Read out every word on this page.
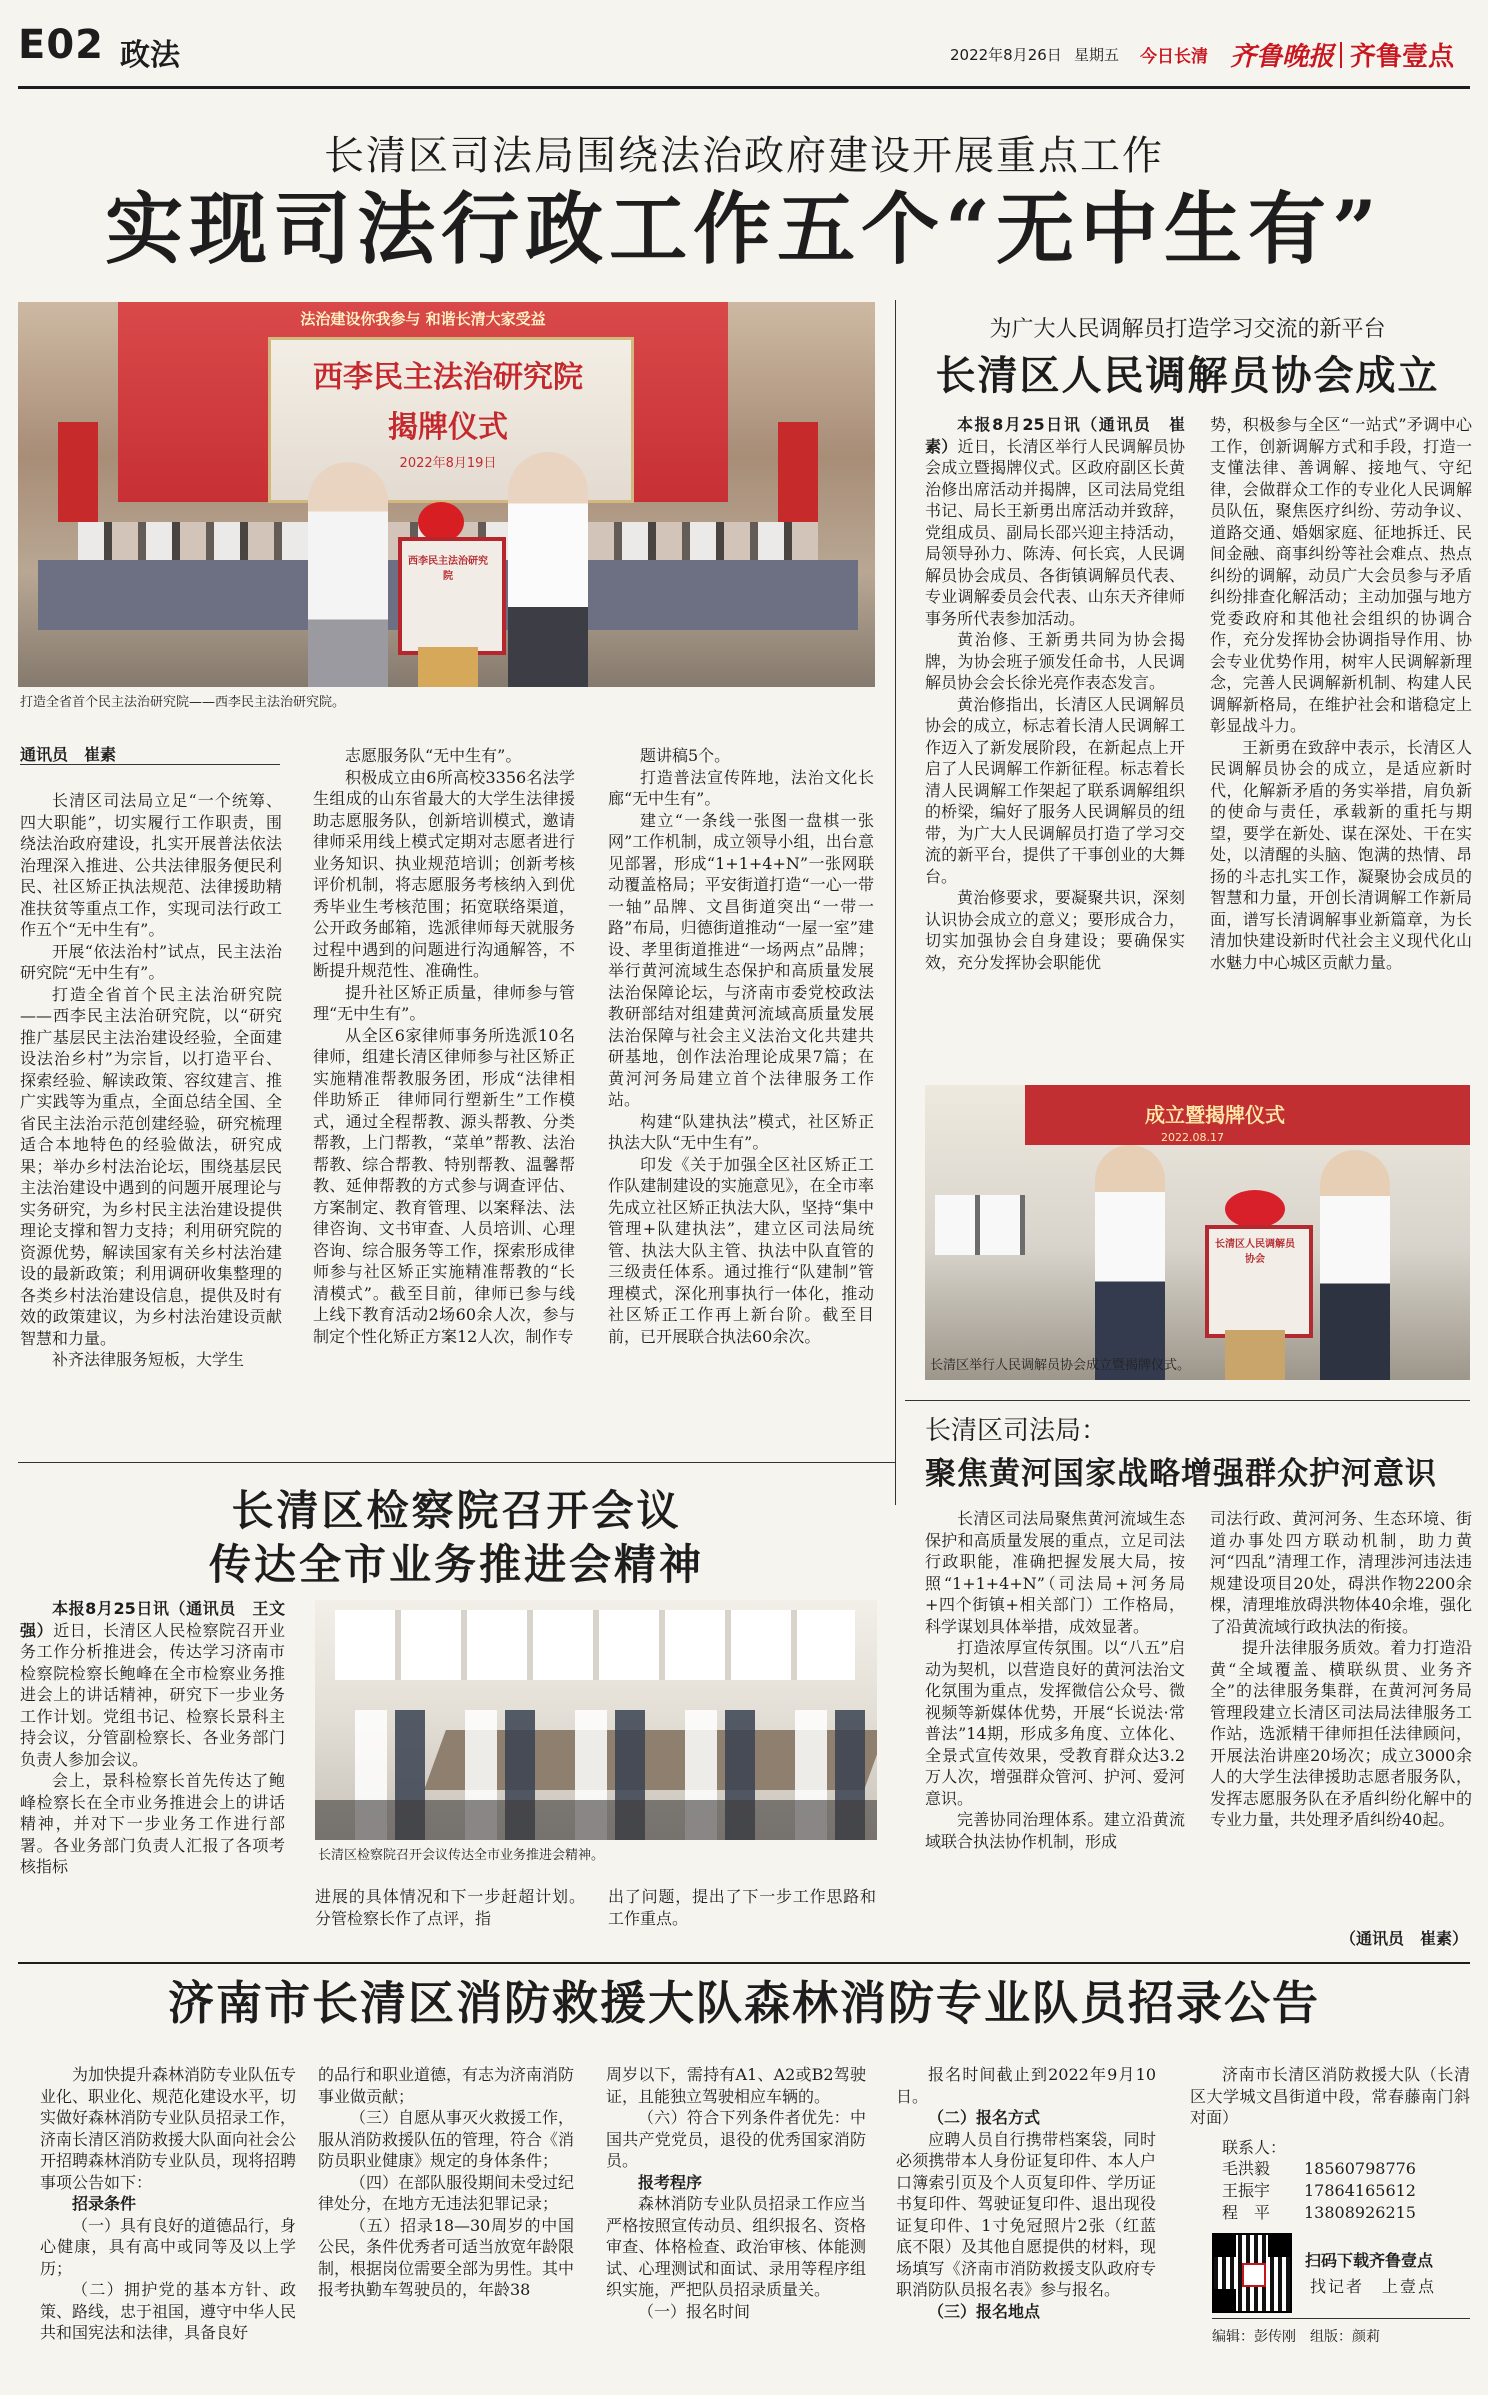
E02 政法	2022年8月26日 星期五 今日长清 齐鲁晚报 齐鲁壹点
长清区司法局围绕法治政府建设开展重点工作
实现司法行政工作五个“无中生有”
法治建设你我参与 和谐长清大家受益
西李民主法治研究院
揭牌仪式
2022年8月19日
西李民主法治研究院
打造全省首个民主法治研究院——西李民主法治研究院。
通讯员　崔素

长清区司法局立足“一个统筹、四大职能”，切实履行工作职责，围绕法治政府建设，扎实开展普法依法治理深入推进、公共法律服务便民利民、社区矫正执法规范、法律援助精准扶贫等重点工作，实现司法行政工作五个“无中生有”。

开展“依法治村”试点，民主法治研究院“无中生有”。

打造全省首个民主法治研究院——西李民主法治研究院，以“研究推广基层民主法治建设经验，全面建设法治乡村”为宗旨，以打造平台、探索经验、解读政策、容纹建言、推广实践等为重点，全面总结全国、全省民主法治示范创建经验，研究梳理适合本地特色的经验做法，研究成果；举办乡村法治论坛，围绕基层民主法治建设中遇到的问题开展理论与实务研究，为乡村民主法治建设提供理论支撑和智力支持；利用研究院的资源优势，解读国家有关乡村法治建设的最新政策；利用调研收集整理的各类乡村法治建设信息，提供及时有效的政策建议，为乡村法治建设贡献智慧和力量。

补齐法律服务短板，大学生

志愿服务队“无中生有”。

积极成立由6所高校3356名法学生组成的山东省最大的大学生法律援助志愿服务队，创新培训模式，邀请律师采用线上模式定期对志愿者进行业务知识、执业规范培训；创新考核评价机制，将志愿服务考核纳入到优秀毕业生考核范围；拓宽联络渠道，公开政务邮箱，选派律师每天就服务过程中遇到的问题进行沟通解答，不断提升规范性、准确性。

提升社区矫正质量，律师参与管理“无中生有”。

从全区6家律师事务所选派10名律师，组建长清区律师参与社区矫正实施精准帮教服务团，形成“法律相伴助矫正　律师同行塑新生”工作模式，通过全程帮教、源头帮教、分类帮教，上门帮教，“菜单”帮教、法治帮教、综合帮教、特别帮教、温馨帮教、延伸帮教的方式参与调查评估、方案制定、教育管理、以案释法、法律咨询、文书审查、人员培训、心理咨询、综合服务等工作，探索形成律师参与社区矫正实施精准帮教的“长清模式”。截至目前，律师已参与线上线下教育活动2场60余人次，参与制定个性化矫正方案12人次，制作专

题讲稿5个。

打造普法宣传阵地，法治文化长廊“无中生有”。

建立“一条线一张图一盘棋一张网”工作机制，成立领导小组，出台意见部署，形成“1+1+4+N”一张网联动覆盖格局；平安街道打造“一心一带一轴”品牌、文昌街道突出“一带一路”布局，归德街道推动“一屋一室”建设、孝里街道推进“一场两点”品牌；举行黄河流域生态保护和高质量发展法治保障论坛，与济南市委党校政法教研部结对组建黄河流域高质量发展法治保障与社会主义法治文化共建共研基地，创作法治理论成果7篇；在黄河河务局建立首个法律服务工作站。

构建“队建执法”模式，社区矫正执法大队“无中生有”。

印发《关于加强全区社区矫正工作队建制建设的实施意见》，在全市率先成立社区矫正执法大队，坚持“集中管理+队建执法”，建立区司法局统管、执法大队主管、执法中队直管的三级责任体系。通过推行“队建制”管理模式，深化刑事执行一体化，推动社区矫正工作再上新台阶。截至目前，已开展联合执法60余次。

为广大人民调解员打造学习交流的新平台
长清区人民调解员协会成立

本报8月25日讯（通讯员　崔素）近日，长清区举行人民调解员协会成立暨揭牌仪式。区政府副区长黄治修出席活动并揭牌，区司法局党组书记、局长王新勇出席活动并致辞，党组成员、副局长邵兴迎主持活动，局领导孙力、陈涛、何长宾，人民调解员协会成员、各街镇调解员代表、专业调解委员会代表、山东天齐律师事务所代表参加活动。

黄治修、王新勇共同为协会揭牌，为协会班子颁发任命书，人民调解员协会会长徐光亮作表态发言。

黄治修指出，长清区人民调解员协会的成立，标志着长清人民调解工作迈入了新发展阶段，在新起点上开启了人民调解工作新征程。标志着长清人民调解工作架起了联系调解组织的桥梁，编好了服务人民调解员的纽带，为广大人民调解员打造了学习交流的新平台，提供了干事创业的大舞台。

黄治修要求，要凝聚共识，深刻认识协会成立的意义；要形成合力，切实加强协会自身建设；要确保实效，充分发挥协会职能优

势，积极参与全区“一站式”矛调中心工作，创新调解方式和手段，打造一支懂法律、善调解、接地气、守纪律，会做群众工作的专业化人民调解员队伍，聚焦医疗纠纷、劳动争议、道路交通、婚姻家庭、征地拆迁、民间金融、商事纠纷等社会难点、热点纠纷的调解，动员广大会员参与矛盾纠纷排查化解活动；主动加强与地方党委政府和其他社会组织的协调合作，充分发挥协会协调指导作用、协会专业优势作用，树牢人民调解新理念，完善人民调解新机制、构建人民调解新格局，在维护社会和谐稳定上彰显战斗力。

王新勇在致辞中表示，长清区人民调解员协会的成立，是适应新时代，化解新矛盾的务实举措，肩负新的使命与责任，承载新的重托与期望，要学在新处、谋在深处、干在实处，以清醒的头脑、饱满的热情、昂扬的斗志扎实工作，凝聚协会成员的智慧和力量，开创长清调解工作新局面，谱写长清调解事业新篇章，为长清加快建设新时代社会主义现代化山水魅力中心城区贡献力量。

成立暨揭牌仪式
2022.08.17
长清区人民调解员协会
长清区举行人民调解员协会成立暨揭牌仪式。
长清区司法局：
聚焦黄河国家战略增强群众护河意识

长清区司法局聚焦黄河流域生态保护和高质量发展的重点，立足司法行政职能，准确把握发展大局，按照“1+1+4+N”（司法局+河务局+四个街镇+相关部门）工作格局，科学谋划具体举措，成效显著。

打造浓厚宣传氛围。以“八五”启动为契机，以营造良好的黄河法治文化氛围为重点，发挥微信公众号、微视频等新媒体优势，开展“长说法·常普法”14期，形成多角度、立体化、全景式宣传效果，受教育群众达3.2万人次，增强群众管河、护河、爱河意识。

完善协同治理体系。建立沿黄流域联合执法协作机制，形成

司法行政、黄河河务、生态环境、街道办事处四方联动机制，助力黄河“四乱”清理工作，清理涉河违法违规建设项目20处，碍洪作物2200余棵，清理堆放碍洪物体40余堆，强化了沿黄流域行政执法的衔接。

提升法律服务质效。着力打造沿黄“全域覆盖、横联纵贯、业务齐全”的法律服务集群，在黄河河务局管理段建立长清区司法局法律服务工作站，选派精干律师担任法律顾问，开展法治讲座20场次；成立3000余人的大学生法律援助志愿者服务队，发挥志愿服务队在矛盾纠纷化解中的专业力量，共处理矛盾纠纷40起。

（通讯员　崔素）
长清区检察院召开会议
传达全市业务推进会精神

本报8月25日讯（通讯员　王文强）近日，长清区人民检察院召开业务工作分析推进会，传达学习济南市检察院检察长鲍峰在全市检察业务推进会上的讲话精神，研究下一步业务工作计划。党组书记、检察长景科主持会议，分管副检察长、各业务部门负责人参加会议。

会上，景科检察长首先传达了鲍峰检察长在全市业务推进会上的讲话精神，并对下一步业务工作进行部署。各业务部门负责人汇报了各项考核指标

长清区检察院召开会议传达全市业务推进会精神。

进展的具体情况和下一步赶超计划。分管检察长作了点评，指

出了问题，提出了下一步工作思路和工作重点。

济南市长清区消防救援大队森林消防专业队员招录公告

为加快提升森林消防专业队伍专业化、职业化、规范化建设水平，切实做好森林消防专业队员招录工作，济南长清区消防救援大队面向社会公开招聘森林消防专业队员，现将招聘事项公告如下：

招录条件

（一）具有良好的道德品行，身心健康，具有高中或同等及以上学历；

（二）拥护党的基本方针、政策、路线，忠于祖国，遵守中华人民共和国宪法和法律，具备良好

的品行和职业道德，有志为济南消防事业做贡献；

（三）自愿从事灭火救援工作，服从消防救援队伍的管理，符合《消防员职业健康》规定的身体条件；

（四）在部队服役期间未受过纪律处分，在地方无违法犯罪记录；

（五）招录18—30周岁的中国公民，条件优秀者可适当放宽年龄限制，根据岗位需要全部为男性。其中报考执勤车驾驶员的，年龄38

周岁以下，需持有A1、A2或B2驾驶证，且能独立驾驶相应车辆的。

（六）符合下列条件者优先：中国共产党党员，退役的优秀国家消防员。

报考程序

森林消防专业队员招录工作应当严格按照宣传动员、组织报名、资格审查、体格检查、政治审核、体能测试、心理测试和面试、录用等程序组织实施，严把队员招录质量关。

（一）报名时间

报名时间截止到2022年9月10日。

（二）报名方式

应聘人员自行携带档案袋，同时必须携带本人身份证复印件、本人户口簿索引页及个人页复印件、学历证书复印件、驾驶证复印件、退出现役证复印件、1寸免冠照片2张（红蓝底不限）及其他自愿提供的材料，现场填写《济南市消防救援支队政府专职消防队员报名表》参与报名。

（三）报名地点

济南市长清区消防救援大队（长清区大学城文昌街道中段，常春藤南门斜对面）

联系人：
毛洪毅 18560798776
王振宇 17864165612
程　平 13808926215
扫码下载齐鲁壹点
找记者　上壹点
编辑：彭传刚　组版：颜莉
